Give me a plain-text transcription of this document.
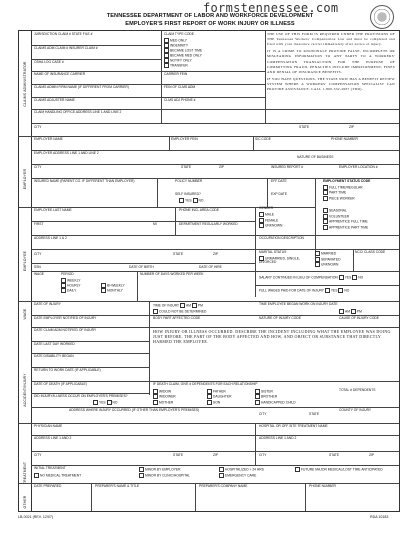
formstennessee.com
TENNESSEE DEPARTMENT OF LABOR AND WORKFORCE DEVELOPMENT
EMPLOYER'S FIRST REPORT OF WORK INJURY OR ILLNESS
CLAIMS ADMINISTRATOR
EMPLOYER
EMPLOYEE
WAGE
ACCIDENT/INJURY
TREATMENT
OTHER
JURISDICTION CLAIM # STATE FILE #	CLAIM TYPE CODE
MED ONLY
INDEMNITY
BECAME LOST TIME
BECAME MED ONLY
NOTIFY ONLY
TRANSFER
CLAIMS ADM CLAIM # INSURER CLAIM #
OSHA LOG CASE #
NAME OF INSURANCE CARRIER	CARRIER FEIN
CLAIMS ADMIN FIRM NAME (IF DIFFERENT FROM CARRIER)	FEIN OF CLMS ADM
CLAIMS ADJUSTER NAME	CLMS ADJ PHONE #
CLAIM HANDLING OFFICE ADDRESS LINE 1 AND LINE 2
CITY	STATE	ZIP

THE USE OF THIS FORM IS REQUIRED UNDER THE PROVISIONS OF THE Tennessee Workers' Compensation Law and must be completed and filed with your insurance carrier immediately after notice of injury.

IT IS A CRIME TO KNOWINGLY PROVIDE FALSE, INCOMPLETE OR MISLEADING INFORMATION TO ANY PARTY TO A WORKERS' COMPENSATION TRANSACTION FOR THE PURPOSE OF COMMITTING FRAUD. PENALTIES INCLUDE IMPRISONMENT, FINES AND DENIAL OF INSURANCE BENEFITS.

IF YOU HAVE QUESTIONS, THE STATE NOW HAS A BENEFIT REVIEW SYSTEM WHERE A WORKERS' COMPENSATION SPECIALIST CAN PROVIDE ASSISTANCE. CALL 1-800-332-2667 (TDD).

EMPLOYER NAME	EMPLOYER FEIN	SIC CODE	PHONE NUMBER
EMPLOYER ADDRESS LINE 1 AND LINE 2
NATURE OF BUSINESS
CITY	STATE	ZIP	INSURED REPORT #	EMPLOYER LOCATION #
INSURED NAME (PARENT CO. IF DIFFERENT THAN EMPLOYER)	POLICY NUMBER	EFF DATE
SELF INSURED?
YES NO
EXP DATE
EMPLOYMENT STATUS CODE
FULL TIME/REGULAR
PART TIME
PIECE WORKER
SEASONAL
VOLUNTEER
APPRENTICE FULL TIME
APPRENTICE PART TIME
EMPLOYEE LAST NAME	PHONE INCL AREA CODE	GENDER
MALE
FEMALE
UNKNOWN
FIRST	MI	DEPARTMENT REGULARLY WORKED
ADDRESS LINE 1 & 2	OCCUPATION DESCRIPTION
CITY	STATE	ZIP	MARITAL STATUS
UNMARRIED, SINGLE, DIVORCED
MARRIED
SEPARATED
UNKNOWN
NCCI CLASS CODE
SSN	DATE OF BIRTH	DATE OF HIRE
WAGE	PERIOD
WEEKLY
HOURLY
DAILY
BI-WEEKLY
MONTHLY
NUMBER OF DAYS WORKED PER WEEK
SALARY CONTINUED IN LIEU OF COMPENSATION YES NO
FULL WAGES PAID FOR DATE OF INJURY YES NO
DATE OF INJURY	TIME OF INJURY AM PM
COULD NOT BE DETERMINED
TIME EMPLOYEE BEGAN WORK ON INJURY DATE
AM PM
DATE EMPLOYER NOTIFIED OF INJURY	BODY PART AFFECTED CODE	NATURE OF INJURY CODE	CAUSE OF INJURY CODE
DATE CLAIM ADM NOTIFIED OF INJURY	HOW INJURY OR ILLNESS OCCURRED. DESCRIBE THE INCIDENT INCLUDING WHAT THE EMPLOYEE WAS DOING JUST BEFORE, THE PART OF THE BODY AFFECTED AND HOW, AND OBJECT OR SUBSTANCE THAT DIRECTLY HARMED THE EMPLOYEE.
DATE LAST DAY WORKED
DATE DISABILITY BEGAN
RETURN TO WORK DATE (IF APPLICABLE)
DATE OF DEATH (IF APPLICABLE)	IF DEATH CLAIM, GIVE # DEPENDENTS FOR EACH RELATIONSHIP
WIDOW	FATHER	SISTER
WIDOWER	DAUGHTER	BROTHER
MOTHER	SON	HANDICAPPED CHILD
TOTAL # DEPENDENTS
DID INJURY/ILLNESS OCCUR ON EMPLOYER'S PREMISES?
YES NO
ADDRESS WHERE INJURY OCCURRED (IF OTHER THAN EMPLOYER'S PREMISES)
CITY	STATE
COUNTY OF INJURY
PHYSICIAN NAME	HOSPITAL OR OFF SITE TREATMENT NAME
ADDRESS LINE 1 AND 2	ADDRESS LINE 1 AND 2
CITY	STATE	ZIP	CITY	STATE	ZIP
INITIAL TREATMENT
NO MEDICAL TREATMENT
MINOR BY EMPLOYER
MINOR BY CLINIC/HOSPITAL
HOSPITALIZED > 24 HRS
EMERGENCY CARE
FUTURE MAJOR MEDICAL/LOST TIME ANTICIPATED
DATE PREPARED	PREPARER'S NAME & TITLE	PREPARER'S COMPANY NAME	PHONE NUMBER
LB-0021 (REV. 12/07)	RDA 10183
